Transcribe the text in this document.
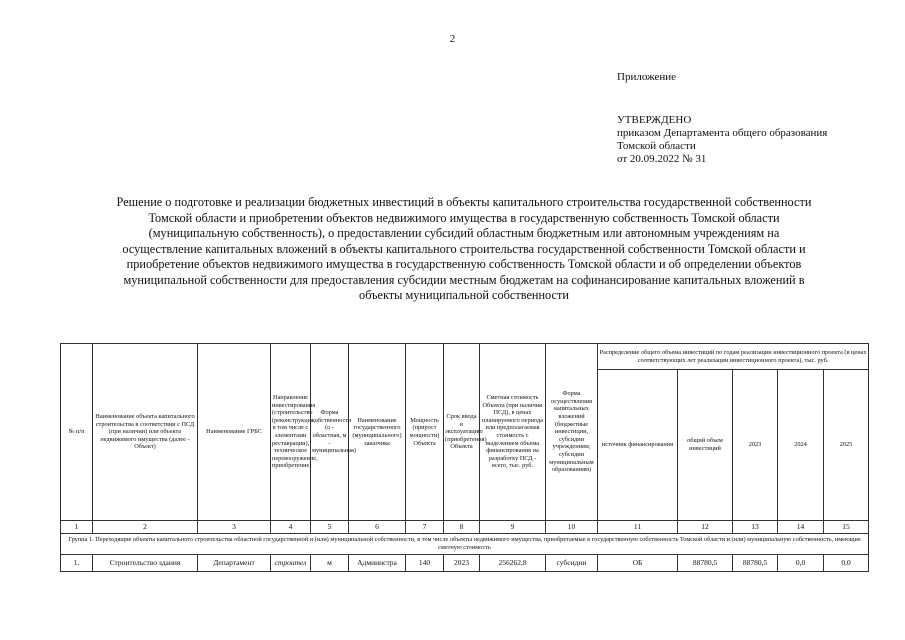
2
Приложение
УТВЕРЖДЕНО
приказом Департамента общего образования
Томской области
от 20.09.2022 № 31
Решение о подготовке и реализации бюджетных инвестиций в объекты капитального строительства государственной собственности
Томской области и приобретении объектов недвижимого имущества в государственную собственность Томской области
(муниципальную собственность), о предоставлении субсидий областным бюджетным или автономным учреждениям на
осуществление капитальных вложений в объекты капитального строительства государственной собственности Томской области и
приобретение объектов недвижимого имущества в государственную собственность Томской области и об определении объектов
муниципальной собственности для предоставления субсидии местным бюджетам на софинансирование капитальных вложений в
объекты муниципальной собственности
№ п/п	Наименование объекта капитального строительства в соответствии с ПСД (при наличии) или объекта недвижимого имущества (далее - Объект)	Наименование ГРБС	Направление инвестирования (строительство (реконструкция, в том числе с элементами реставрации), техническое перевооружение, приобретение)	Форма собственности (о - областная, м - муниципальная)	Наименование государственного (муниципального) заказчика	Мощность (прирост мощности) Объекта	Срок ввода в эксплуатацию (приобретения) Объекта	Сметная стоимость Объекта (при наличии ПСД), в ценах планируемого периода или предполагаемая стоимость с выделением объема финансирования на разработку ПСД - всего, тыс. руб.	Форма осуществления капитальных вложений (бюджетные инвестиции, субсидии учреждениям, субсидии муниципальным образованиям)	Распределение общего объема инвестиций по годам реализации инвестиционного проекта (в ценах соответствующих лет реализации инвестиционного проекта), тыс. руб.				
										источник финансирования	общий объем инвестиций	2023	2024	2025
1	2	3	4	5	6	7	8	9	10	11	12	13	14	15
Группа 1. Переходящие объекты капитального строительства областной государственной и (или) муниципальной собственности, в том числе объекты недвижимого имущества, приобретаемые в государственную собственность Томской области и (или) муниципальную собственность, имеющие сметную стоимость														
1.	Строительство здания	Департамент	строител	м	Администра	140	2023	256262,8	субсидии	ОБ	88780,5	88780,5	0,0	0,0
